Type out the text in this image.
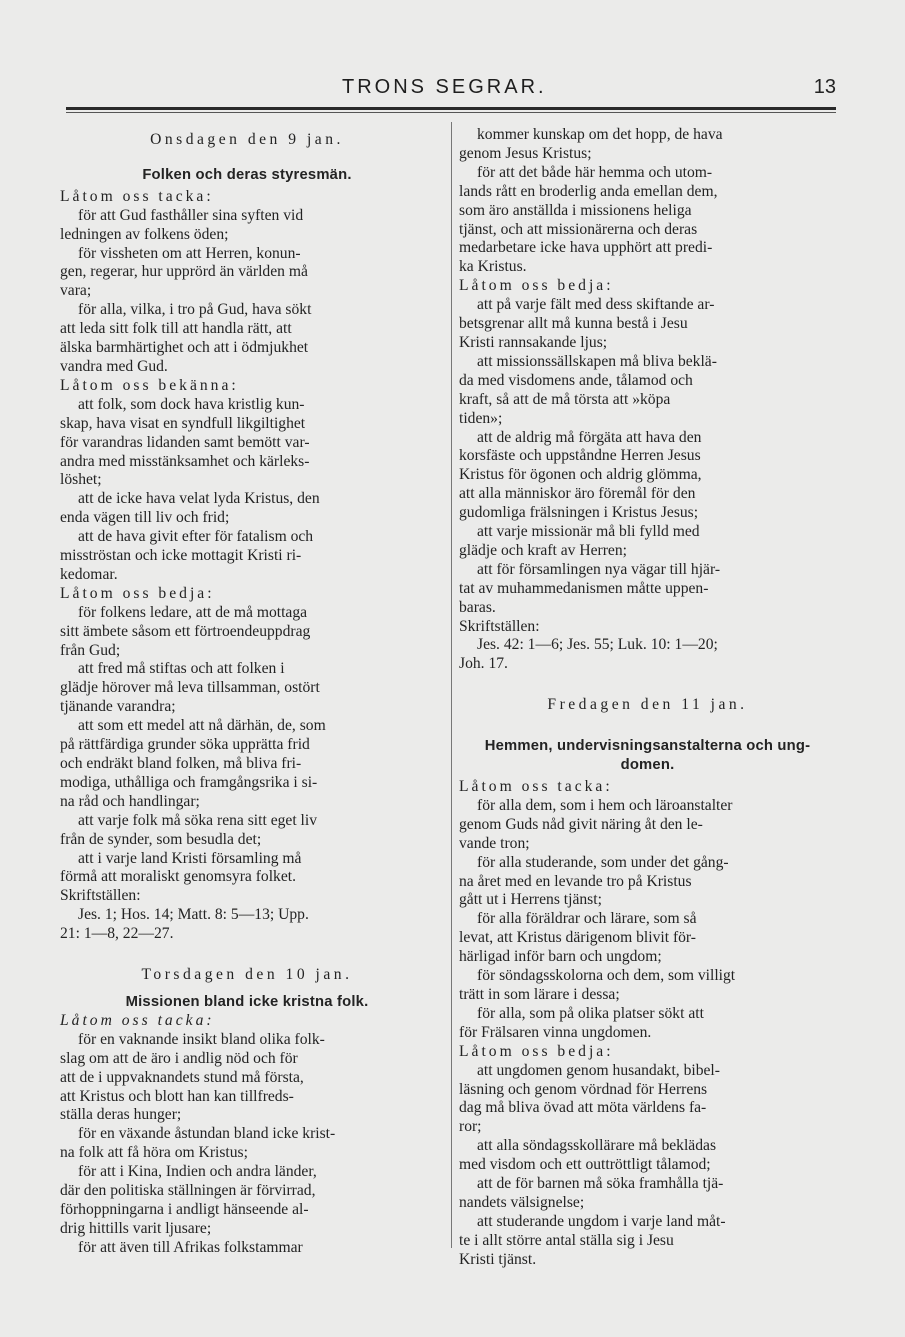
TRONS SEGRAR.	13

Onsdagen den 9 jan.

Folken och deras styresmän.

Låtom oss tacka:

för att Gud fasthåller sina syften vid

ledningen av folkens öden;

för vissheten om att Herren, konun-

gen, regerar, hur upprörd än världen må

vara;

för alla, vilka, i tro på Gud, hava sökt

att leda sitt folk till att handla rätt, att

älska barmhärtighet och att i ödmjukhet

vandra med Gud.

Låtom oss bekänna:

att folk, som dock hava kristlig kun-

skap, hava visat en syndfull likgiltighet

för varandras lidanden samt bemött var-

andra med misstänksamhet och kärleks-

löshet;

att de icke hava velat lyda Kristus, den

enda vägen till liv och frid;

att de hava givit efter för fatalism och

misströstan och icke mottagit Kristi ri-

kedomar.

Låtom oss bedja:

för folkens ledare, att de må mottaga

sitt ämbete såsom ett förtroendeuppdrag

från Gud;

att fred må stiftas och att folken i

glädje hörover må leva tillsamman, ostört

tjänande varandra;

att som ett medel att nå därhän, de, som

på rättfärdiga grunder söka upprätta frid

och endräkt bland folken, må bliva fri-

modiga, uthålliga och framgångsrika i si-

na råd och handlingar;

att varje folk må söka rena sitt eget liv

från de synder, som besudla det;

att i varje land Kristi församling må

förmå att moraliskt genomsyra folket.

Skriftställen:

Jes. 1; Hos. 14; Matt. 8: 5—13; Upp.

21: 1—8, 22—27.

Torsdagen den 10 jan.

Missionen bland icke kristna folk.

Låtom oss tacka:

för en vaknande insikt bland olika folk-

slag om att de äro i andlig nöd och för

att de i uppvaknandets stund må första,

att Kristus och blott han kan tillfreds-

ställa deras hunger;

för en växande åstundan bland icke krist-

na folk att få höra om Kristus;

för att i Kina, Indien och andra länder,

där den politiska ställningen är förvirrad,

förhoppningarna i andligt hänseende al-

drig hittills varit ljusare;

för att även till Afrikas folkstammar

kommer kunskap om det hopp, de hava

genom Jesus Kristus;

för att det både här hemma och utom-

lands rått en broderlig anda emellan dem,

som äro anställda i missionens heliga

tjänst, och att missionärerna och deras

medarbetare icke hava upphört att predi-

ka Kristus.

Låtom oss bedja:

att på varje fält med dess skiftande ar-

betsgrenar allt må kunna bestå i Jesu

Kristi rannsakande ljus;

att missionssällskapen må bliva beklä-

da med visdomens ande, tålamod och

kraft, så att de må törsta att »köpa

tiden»;

att de aldrig må förgäta att hava den

korsfäste och uppståndne Herren Jesus

Kristus för ögonen och aldrig glömma,

att alla människor äro föremål för den

gudomliga frälsningen i Kristus Jesus;

att varje missionär må bli fylld med

glädje och kraft av Herren;

att för församlingen nya vägar till hjär-

tat av muhammedanismen måtte uppen-

baras.

Skriftställen:

Jes. 42: 1—6; Jes. 55; Luk. 10: 1—20;

Joh. 17.

Fredagen den 11 jan.

Hemmen, undervisningsanstalterna och ung-

domen.

Låtom oss tacka:

för alla dem, som i hem och läroanstalter

genom Guds nåd givit näring åt den le-

vande tron;

för alla studerande, som under det gång-

na året med en levande tro på Kristus

gått ut i Herrens tjänst;

för alla föräldrar och lärare, som så

levat, att Kristus därigenom blivit för-

härligad inför barn och ungdom;

för söndagsskolorna och dem, som villigt

trätt in som lärare i dessa;

för alla, som på olika platser sökt att

för Frälsaren vinna ungdomen.

Låtom oss bedja:

att ungdomen genom husandakt, bibel-

läsning och genom vördnad för Herrens

dag må bliva övad att möta världens fa-

ror;

att alla söndagsskollärare må beklädas

med visdom och ett outtröttligt tålamod;

att de för barnen må söka framhålla tjä-

nandets välsignelse;

att studerande ungdom i varje land måt-

te i allt större antal ställa sig i Jesu

Kristi tjänst.
